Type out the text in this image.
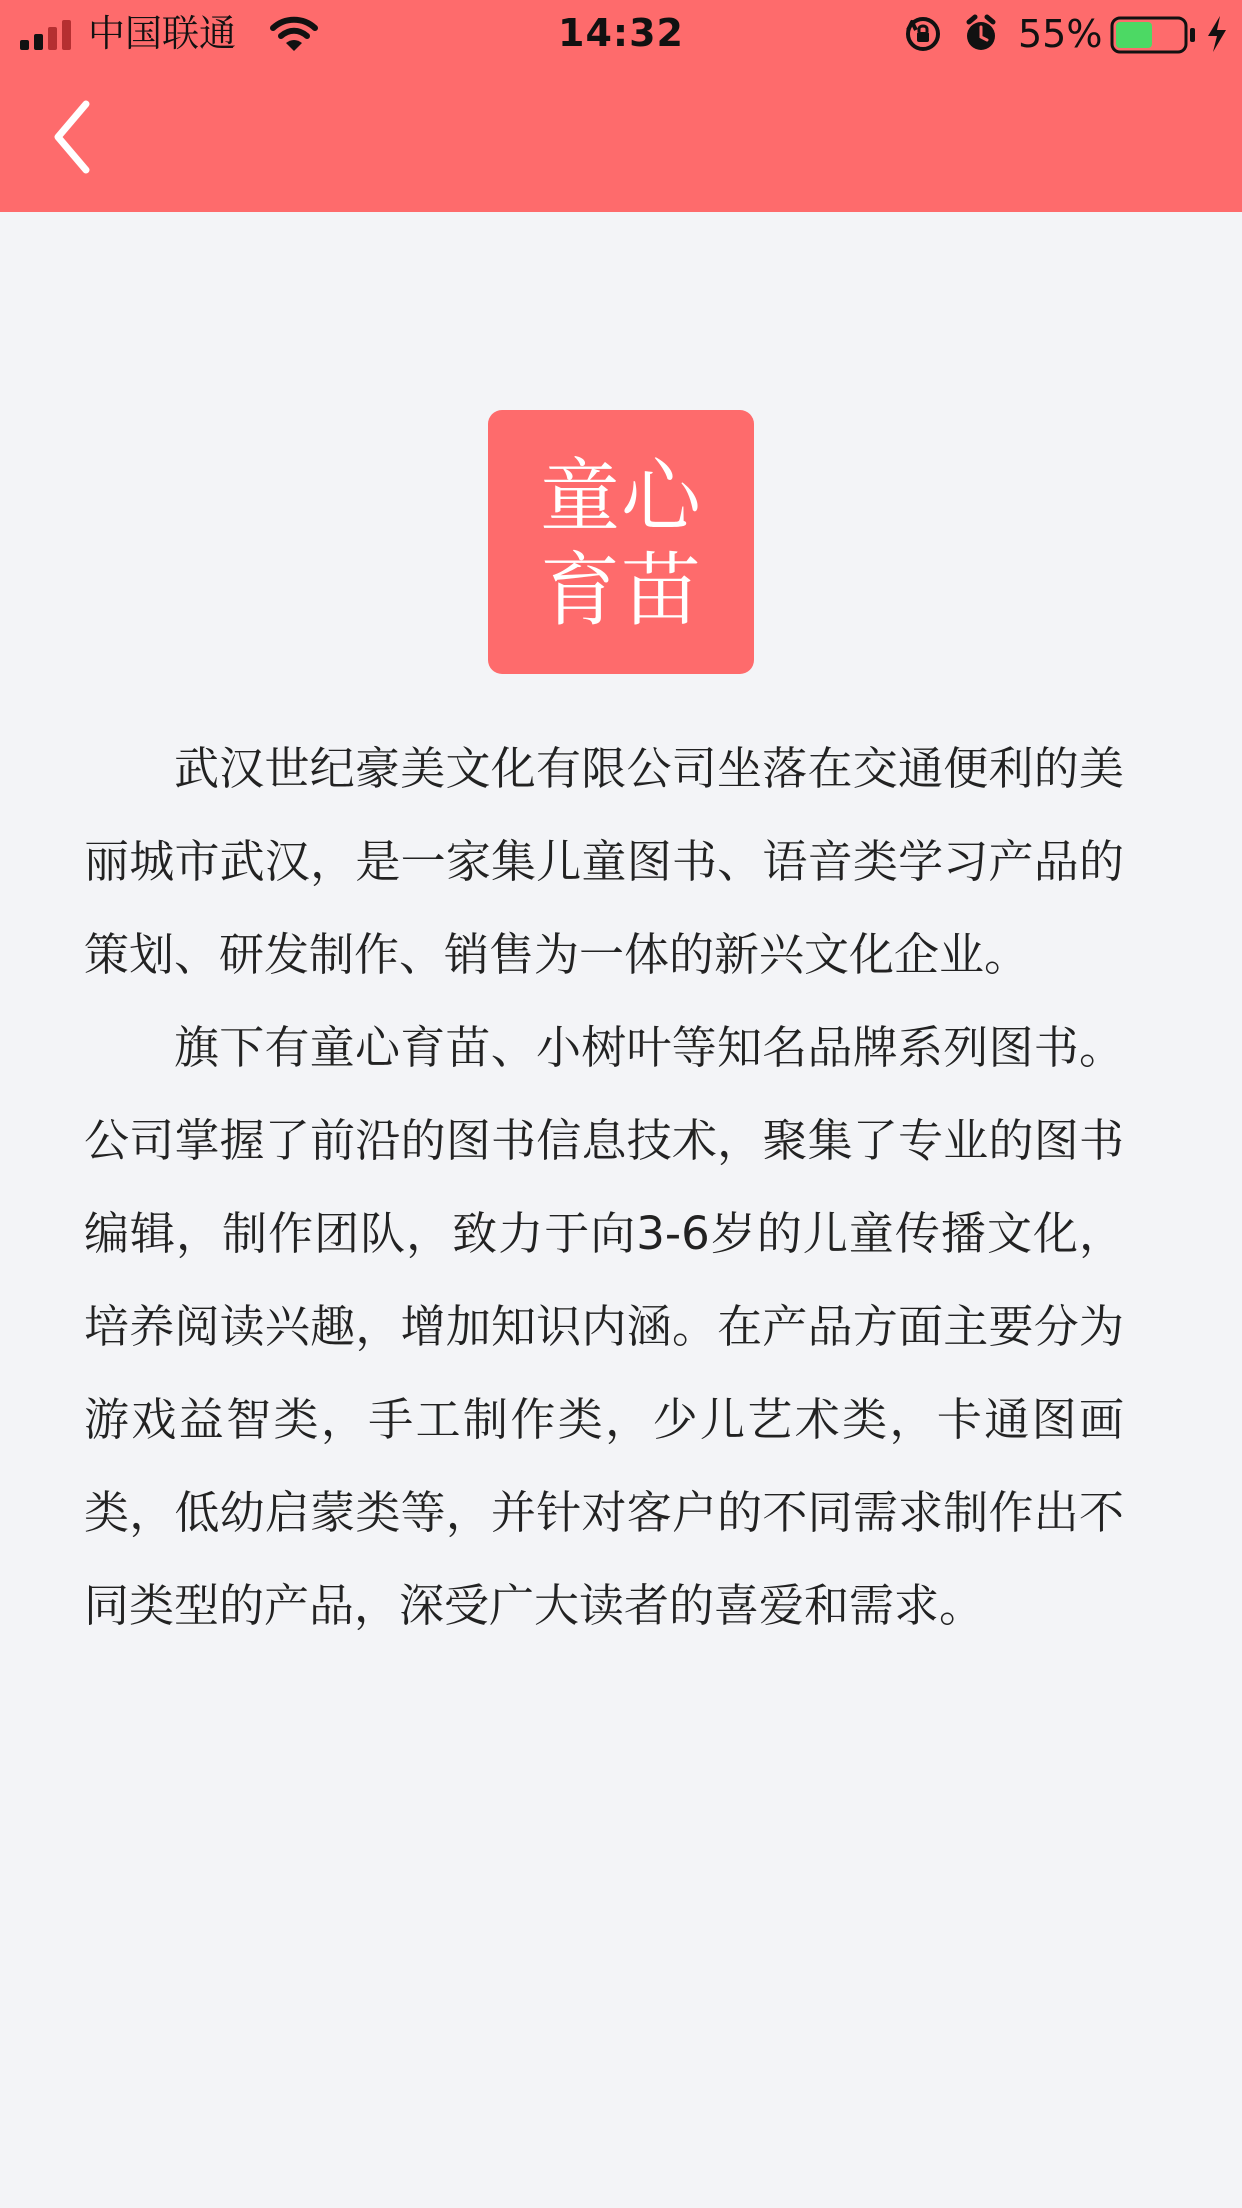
中国联通	14:32	55%
童心
育苗

武汉世纪豪美文化有限公司坐落在交通便利的美丽城市武汉，是一家集儿童图书、语音类学习产品的策划、研发制作、销售为一体的新兴文化企业。

旗下有童心育苗、小树叶等知名品牌系列图书。公司掌握了前沿的图书信息技术，聚集了专业的图书编辑，制作团队，致力于向3-6岁的儿童传播文化，培养阅读兴趣，增加知识内涵。在产品方面主要分为游戏益智类，手工制作类，少儿艺术类，卡通图画类，低幼启蒙类等，并针对客户的不同需求制作出不同类型的产品，深受广大读者的喜爱和需求。
